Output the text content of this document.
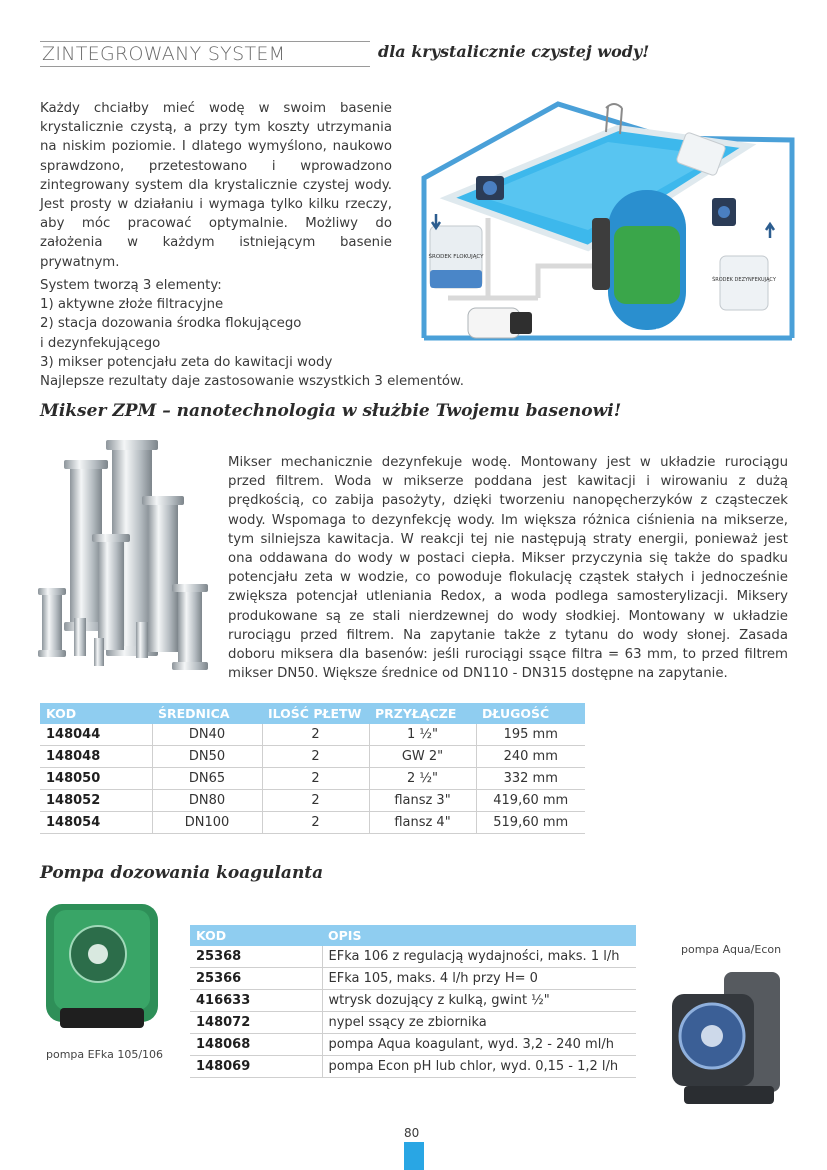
ZINTEGROWANY SYSTEM	dla krystalicznie czystej wody!

Każdy chciałby mieć wodę w swoim basenie krystalicznie czystą, a przy tym koszty utrzymania na niskim poziomie. I dlatego wymyślono, naukowo sprawdzono, przetestowano i wprowadzono zintegrowany system dla krystalicznie czystej wody. Jest prosty w działaniu i wymaga tylko kilku rzeczy, aby móc pracować optymalnie. Możliwy do założenia w każdym istniejącym basenie prywatnym.

System tworzą 3 elementy:
1) aktywne złoże filtracyjne
2) stacja dozowania środka flokującego
i dezynfekującego
3) mikser potencjału zeta do kawitacji wody
Najlepsze rezultaty daje zastosowanie wszystkich 3 elementów.
ŚRODEK FLOKUJĄCY
ŚRODEK DEZYNFEKUJĄCY
Mikser ZPM – nanotechnologia w służbie Twojemu basenowi!
Mikser mechanicznie dezynfekuje wodę. Montowany jest w układzie rurociągu przed filtrem. Woda w mikserze poddana jest kawitacji i wirowaniu z dużą prędkością, co zabija pasożyty, dzięki tworzeniu nanopęcherzyków z cząsteczek wody. Wspomaga to dezynfekcję wody. Im większa różnica ciśnienia na mikserze, tym silniejsza kawitacja. W reakcji tej nie następują straty energii, ponieważ jest ona oddawana do wody w postaci ciepła. Mikser przyczynia się także do spadku potencjału zeta w wodzie, co powoduje flokulację cząstek stałych i jednocześnie zwiększa potencjał utleniania Redox, a woda podlega samosterylizacji. Miksery produkowane są ze stali nierdzewnej do wody słodkiej. Montowany w układzie rurociągu przed filtrem. Na zapytanie także z tytanu do wody słonej. Zasada doboru miksera dla basenów: jeśli rurociągi ssące filtra = 63 mm, to przed filtrem mikser DN50. Większe średnice od DN110 - DN315 dostępne na zapytanie.
KOD	ŚREDNICA	ILOŚĆ PŁETW	PRZYŁĄCZE	DŁUGOŚĆ
148044	DN40	2	1 ½"	195 mm
148048	DN50	2	GW 2"	240 mm
148050	DN65	2	2 ½"	332 mm
148052	DN80	2	flansz 3"	419,60 mm
148054	DN100	2	flansz 4"	519,60 mm
Pompa dozowania koagulanta
pompa EFka 105/106
KOD	OPIS
25368	EFka 106 z regulacją wydajności, maks. 1 l/h
25366	EFka 105, maks. 4 l/h przy H= 0
416633	wtrysk dozujący z kulką, gwint ½"
148072	nypel ssący ze zbiornika
148068	pompa Aqua koagulant, wyd. 3,2 - 240 ml/h
148069	pompa Econ pH lub chlor, wyd. 0,15 - 1,2 l/h
pompa Aqua/Econ
80
